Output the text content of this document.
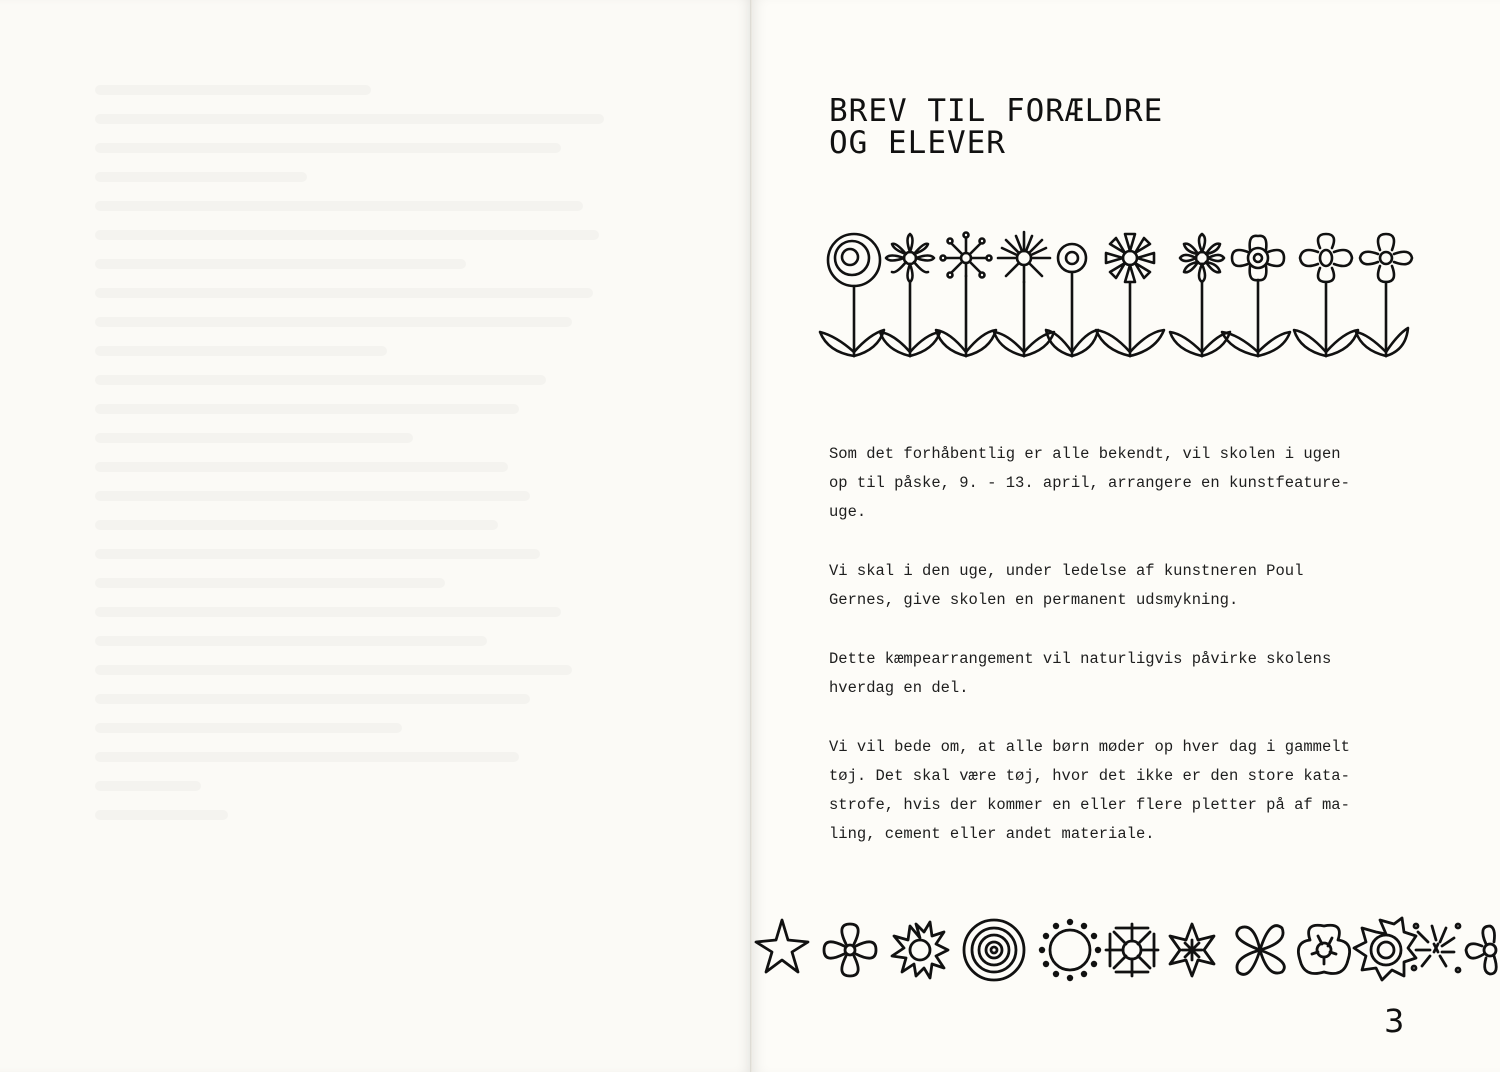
BREV TIL FORÆLDRE
OG ELEVER

Som det forhåbentlig er alle bekendt, vil skolen i ugen
op til påske, 9. - 13. april, arrangere en kunstfeature-
uge.

Vi skal i den uge, under ledelse af kunstneren Poul
Gernes, give skolen en permanent udsmykning.

Dette kæmpearrangement vil naturligvis påvirke skolens
hverdag en del.

Vi vil bede om, at alle børn møder op hver dag i gammelt
tøj. Det skal være tøj, hvor det ikke er den store kata-
strofe, hvis der kommer en eller flere pletter på af ma-
ling, cement eller andet materiale.

3
